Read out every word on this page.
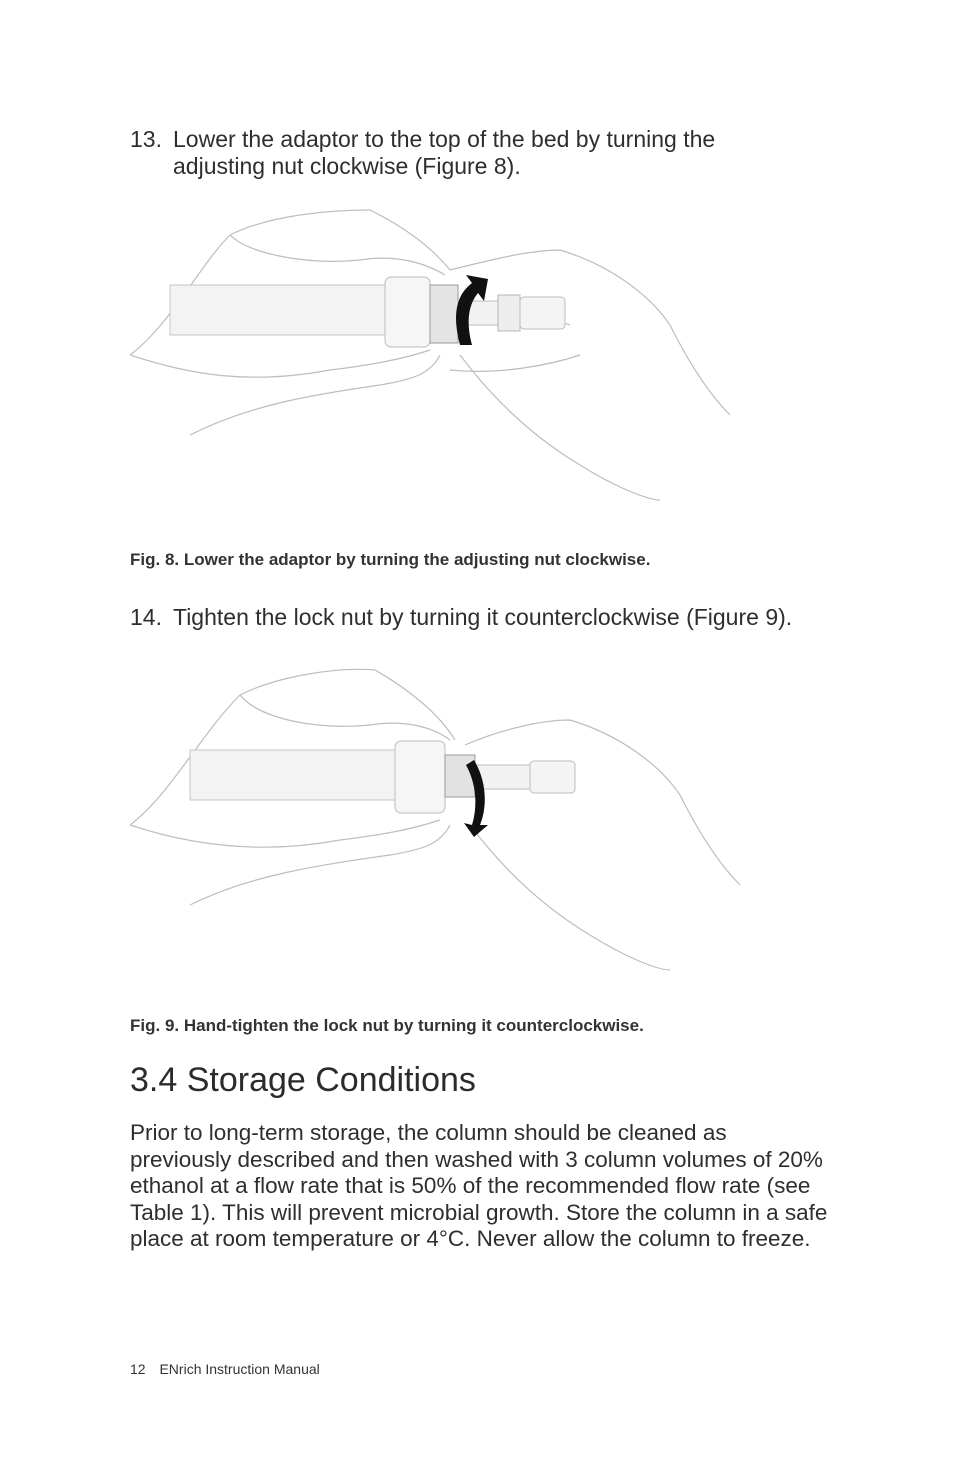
13. Lower the adaptor to the top of the bed by turning the adjusting nut clockwise (Figure 8).
Fig. 8. Lower the adaptor by turning the adjusting nut clockwise.
14. Tighten the lock nut by turning it counterclockwise (Figure 9).
Fig. 9. Hand-tighten the lock nut by turning it counterclockwise.
3.4 Storage Conditions

Prior to long-term storage, the column should be cleaned as previously described and then washed with 3 column volumes of 20% ethanol at a flow rate that is 50% of the recommended flow rate (see Table 1). This will prevent microbial growth. Store the column in a safe place at room temperature or 4°C. Never allow the column to freeze.

12 ENrich Instruction Manual
